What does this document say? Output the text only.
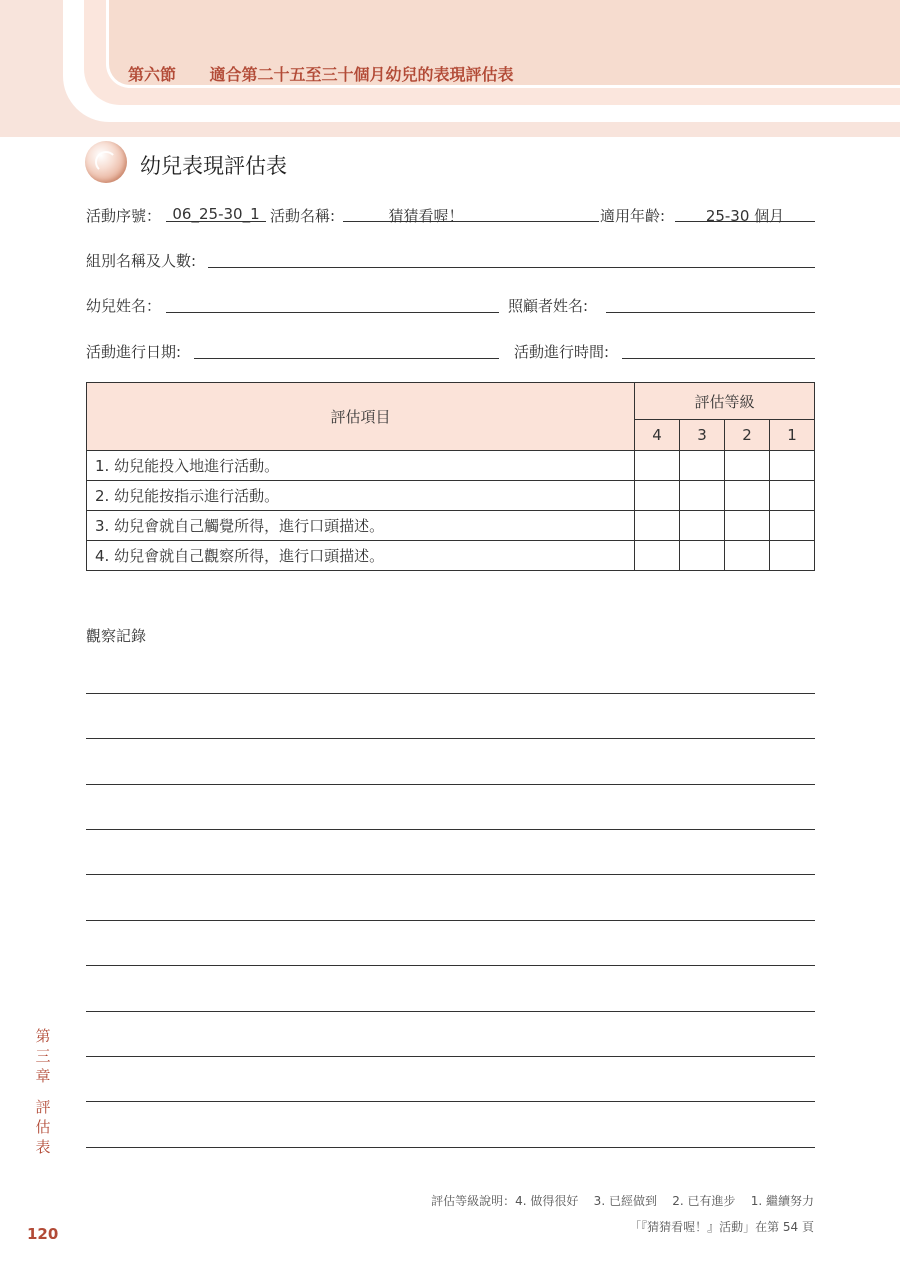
第六節 適合第二十五至三十個月幼兒的表現評估表
幼兒表現評估表
活動序號： 06_25-30_1 活動名稱:	猜猜看喔！	適用年齡:	25-30 個月
組別名稱及人數:
幼兒姓名：	照顧者姓名:
活動進行日期:	活動進行時間:
評估項目	評估等級			
	4	3	2	1
1. 幼兒能投入地進行活動。				
2. 幼兒能按指示進行活動。				
3. 幼兒會就自己觸覺所得，進行口頭描述。				
4. 幼兒會就自己觀察所得，進行口頭描述。				
觀察記錄
第三章
評估表
120
評估等級說明：4. 做得很好    3. 已經做到    2. 已有進步    1. 繼續努力
「『猜猜看喔！』活動」在第 54 頁
